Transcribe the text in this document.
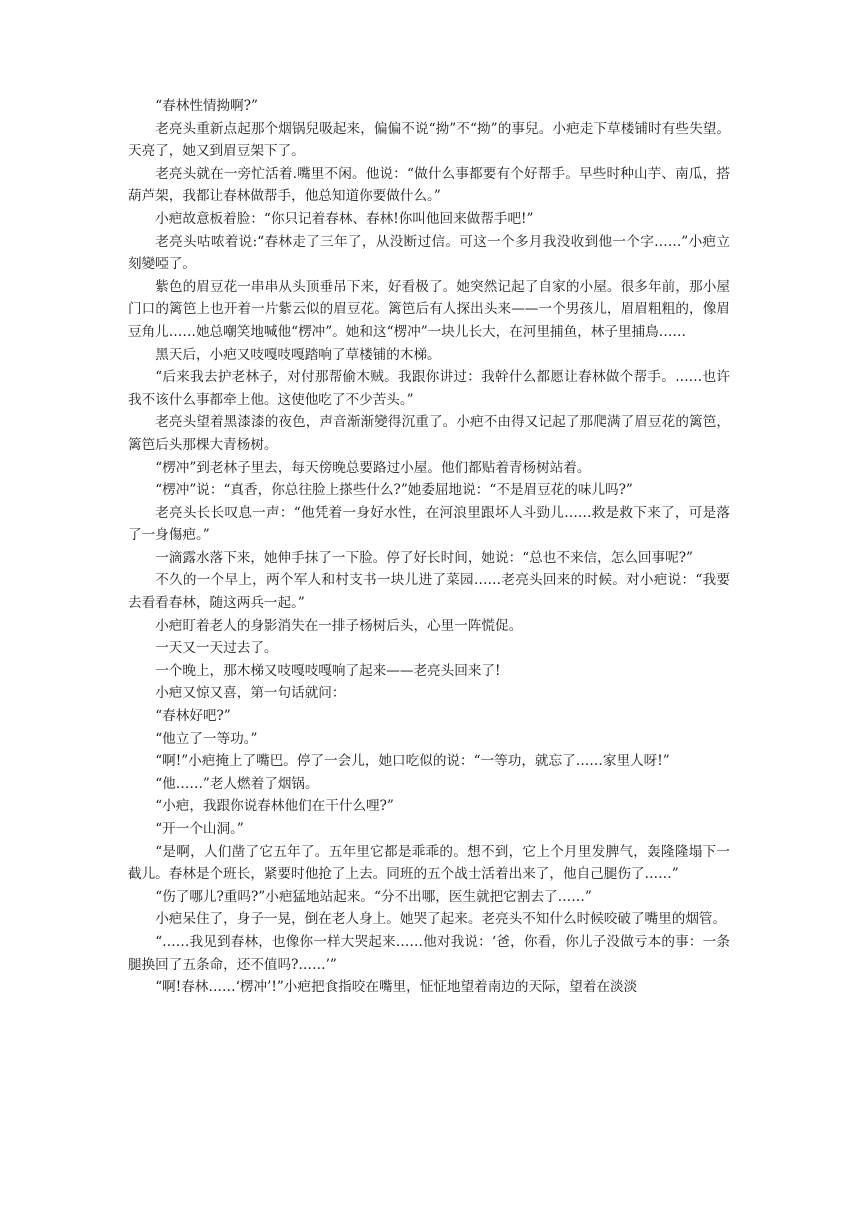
“春林性情拗啊?”

老亮头重新点起那个烟锅兒吸起来，偏偏不说“拗”不“拗”的事兒。小疤走下草楼铺时有些失望。天亮了，她又到眉豆架下了。

老亮头就在一旁忙活着.嘴里不闲。他说：“做什么事都要有个好帮手。早些时种山芋、南瓜，搭葫芦架，我都让春林做帮手，他总知道你要做什么。”

小疤故意板着脸：“你只记着春林、春林!你叫他回来做帮手吧!”

老亮头咕哝着说:“春林走了三年了，从没断过信。可这一个多月我没收到他一个字……”小疤立刻變啞了。

紫色的眉豆花一串串从头顶垂吊下来，好看极了。她突然记起了自家的小屋。很多年前，那小屋门口的篱笆上也开着一片紫云似的眉豆花。篱笆后有人探出头来——一个男孩儿，眉眉粗粗的，像眉豆角儿……她总嘲笑地喊他“楞冲”。她和这“楞冲”一块儿长大，在河里捕鱼，林子里捕鳥……

黑天后，小疤又吱嘎吱嘎踏响了草楼铺的木梯。

“后来我去护老林子，对付那帮偷木贼。我跟你讲过：我幹什么都愿让春林做个帮手。……也许我不该什么事都牵上他。这使他吃了不少苦头。”

老亮头望着黑漆漆的夜色，声音渐渐變得沉重了。小疤不由得又记起了那爬满了眉豆花的篱笆，篱笆后头那棵大青杨树。

“楞冲”到老林子里去，每天傍晚总要路过小屋。他们都贴着青杨树站着。

“楞冲”说：“真香，你总往脸上搽些什么?”她委屈地说：“不是眉豆花的味儿吗?”

老亮头长长叹息一声：“他凭着一身好水性，在河浪里跟坏人斗勁儿……救是救下来了，可是落了一身傷疤。”

一滴露水落下来，她伸手抹了一下脸。停了好长时间，她说：“总也不来信，怎么回事呢?”

不久的一个早上，两个军人和村支书一块儿进了菜园……老亮头回来的时候。对小疤说：“我要去看看春林，随这两兵一起。”

小疤盯着老人的身影消失在一排子杨树后头，心里一阵慌促。

一天又一天过去了。

一个晚上，那木梯又吱嘎吱嘎响了起来——老亮头回来了!

小疤又惊又喜，第一句话就问：

“春林好吧?”

“他立了一等功。”

“啊!”小疤掩上了嘴巴。停了一会儿，她口吃似的说：“一等功，就忘了……家里人呀!”

“他……”老人燃着了烟锅。

“小疤，我跟你说春林他们在干什么哩?”

“开一个山洞。”

“是啊，人们凿了它五年了。五年里它都是乖乖的。想不到，它上个月里发脾气，轰隆隆塌下一截儿。春林是个班长，紧要时他抢了上去。同班的五个战士活着出来了，他自己腿伤了……”

“伤了哪儿?重吗?”小疤猛地站起来。“分不出哪，医生就把它割去了……”

小疤呆住了，身子一晃，倒在老人身上。她哭了起来。老亮头不知什么时候咬破了嘴里的烟管。

“……我见到春林，也像你一样大哭起来……他对我说：‘爸，你看，你儿子没做亏本的事：一条腿换回了五条命，还不值吗?……’”

“啊!春林……‘楞冲’!”小疤把食指咬在嘴里，怔怔地望着南边的天际，望着在淡淡
